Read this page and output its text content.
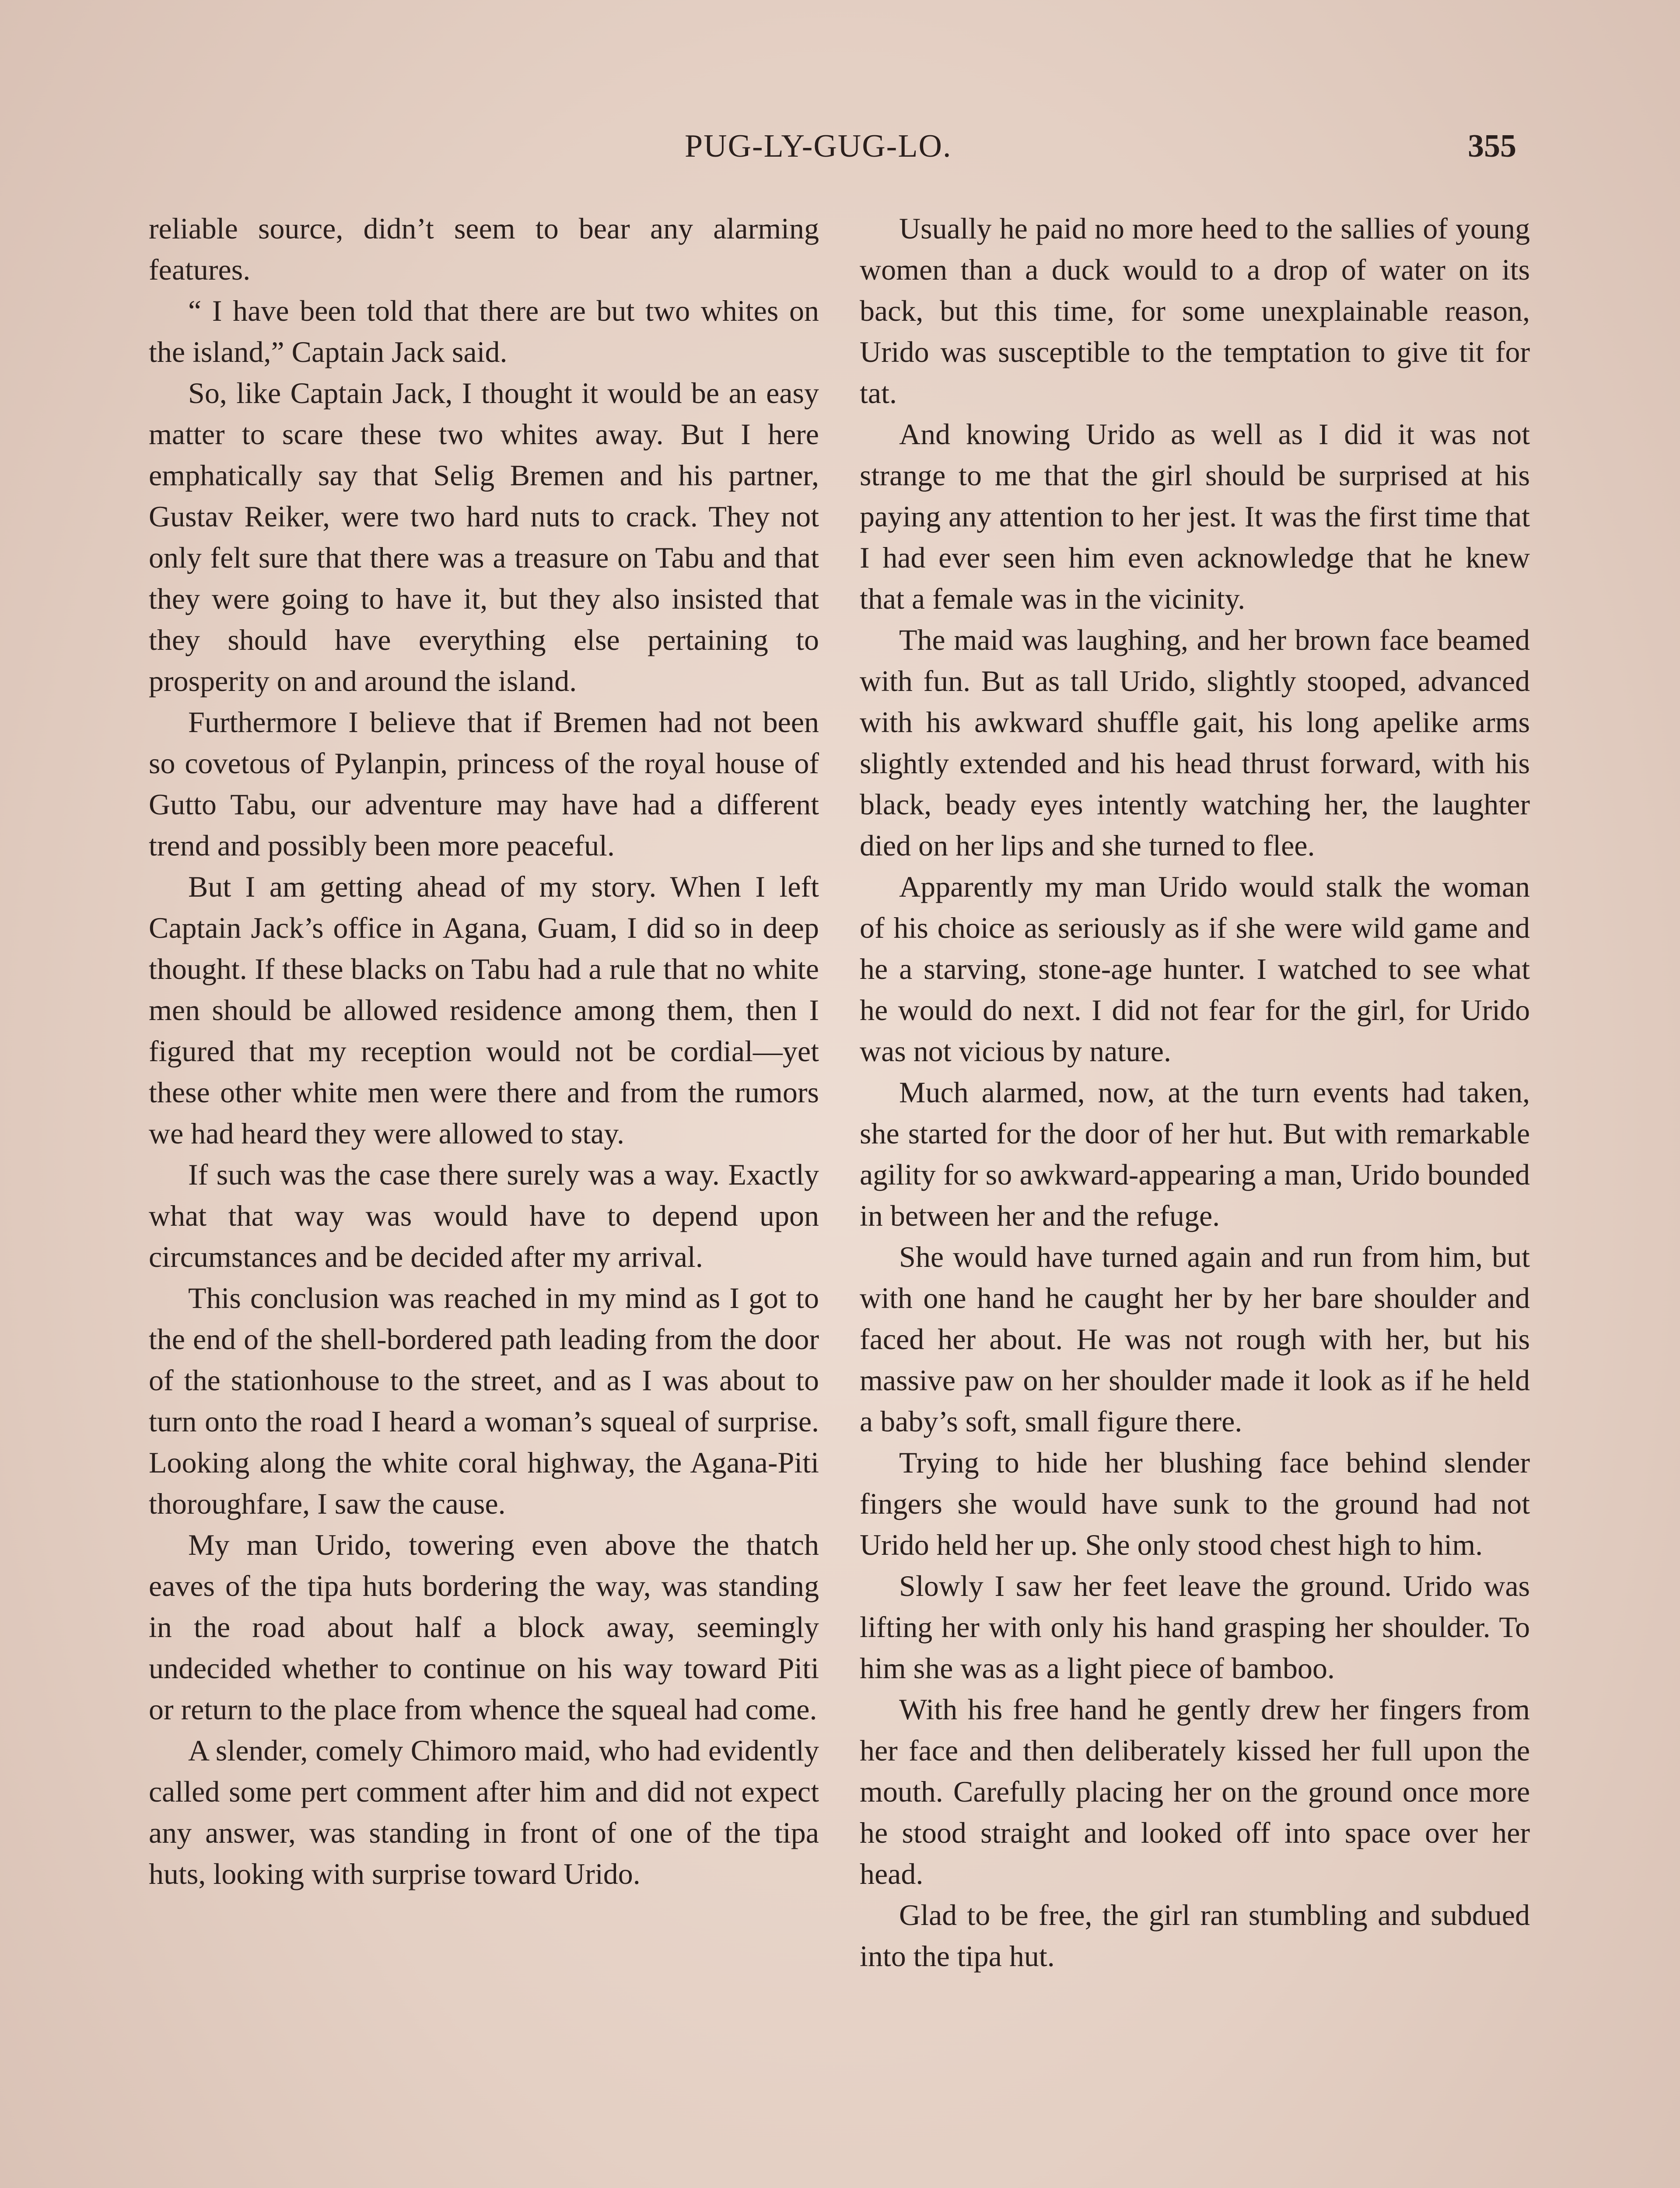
PUG-LY-GUG-LO.	355

reliable source, didn’t seem to bear any alarming features.

“ I have been told that there are but two whites on the island,” Captain Jack said.

So, like Captain Jack, I thought it would be an easy matter to scare these two whites away. But I here emphatically say that Selig Bremen and his partner, Gustav Reiker, were two hard nuts to crack. They not only felt sure that there was a treasure on Tabu and that they were going to have it, but they also insisted that they should have everything else pertaining to prosperity on and around the island.

Furthermore I believe that if Bremen had not been so covetous of Pylanpin, princess of the royal house of Gutto Tabu, our adventure may have had a different trend and possibly been more peaceful.

But I am getting ahead of my story. When I left Captain Jack’s office in Agana, Guam, I did so in deep thought. If these blacks on Tabu had a rule that no white men should be allowed residence among them, then I figured that my reception would not be cordial—yet these other white men were there and from the rumors we had heard they were allowed to stay.

If such was the case there surely was a way. Exactly what that way was would have to depend upon circumstances and be decided after my arrival.

This conclusion was reached in my mind as I got to the end of the shell-bordered path leading from the door of the stationhouse to the street, and as I was about to turn onto the road I heard a woman’s squeal of surprise. Looking along the white coral highway, the Agana-Piti thoroughfare, I saw the cause.

My man Urido, towering even above the thatch eaves of the tipa huts bordering the way, was standing in the road about half a block away, seemingly undecided whether to continue on his way toward Piti or return to the place from whence the squeal had come.

A slender, comely Chimoro maid, who had evidently called some pert comment after him and did not expect any answer, was standing in front of one of the tipa huts, looking with surprise toward Urido.

Usually he paid no more heed to the sallies of young women than a duck would to a drop of water on its back, but this time, for some unexplainable reason, Urido was susceptible to the temptation to give tit for tat.

And knowing Urido as well as I did it was not strange to me that the girl should be surprised at his paying any attention to her jest. It was the first time that I had ever seen him even acknowledge that he knew that a female was in the vicinity.

The maid was laughing, and her brown face beamed with fun. But as tall Urido, slightly stooped, advanced with his awkward shuffle gait, his long apelike arms slightly extended and his head thrust forward, with his black, beady eyes intently watching her, the laughter died on her lips and she turned to flee.

Apparently my man Urido would stalk the woman of his choice as seriously as if she were wild game and he a starving, stone-age hunter. I watched to see what he would do next. I did not fear for the girl, for Urido was not vicious by nature.

Much alarmed, now, at the turn events had taken, she started for the door of her hut. But with remarkable agility for so awkward-appearing a man, Urido bounded in between her and the refuge.

She would have turned again and run from him, but with one hand he caught her by her bare shoulder and faced her about. He was not rough with her, but his massive paw on her shoulder made it look as if he held a baby’s soft, small figure there.

Trying to hide her blushing face behind slender fingers she would have sunk to the ground had not Urido held her up. She only stood chest high to him.

Slowly I saw her feet leave the ground. Urido was lifting her with only his hand grasping her shoulder. To him she was as a light piece of bamboo.

With his free hand he gently drew her fingers from her face and then deliberately kissed her full upon the mouth. Carefully placing her on the ground once more he stood straight and looked off into space over her head.

Glad to be free, the girl ran stumbling and subdued into the tipa hut.
